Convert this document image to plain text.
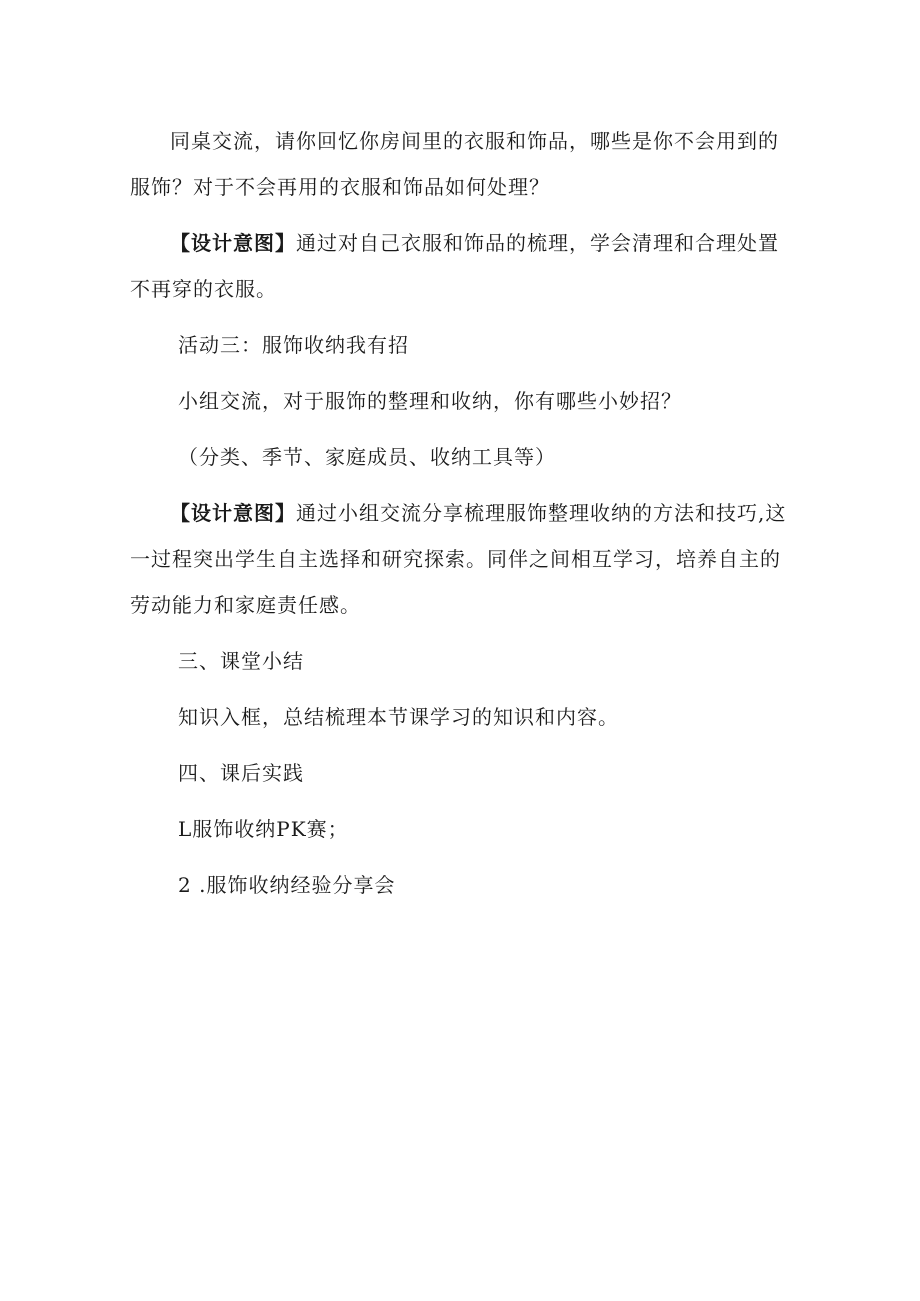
同桌交流，请你回忆你房间里的衣服和饰品，哪些是你不会用到的服饰？对于不会再用的衣服和饰品如何处理？

【设计意图】通过对自己衣服和饰品的梳理，学会清理和合理处置不再穿的衣服。

活动三：服饰收纳我有招

小组交流，对于服饰的整理和收纳，你有哪些小妙招？

（分类、季节、家庭成员、收纳工具等）

【设计意图】通过小组交流分享梳理服饰整理收纳的方法和技巧,这一过程突出学生自主选择和研究探索。同伴之间相互学习，培养自主的劳动能力和家庭责任感。

三、课堂小结

知识入框，总结梳理本节课学习的知识和内容。

四、课后实践

L服饰收纳PK赛；

2 .服饰收纳经验分享会
